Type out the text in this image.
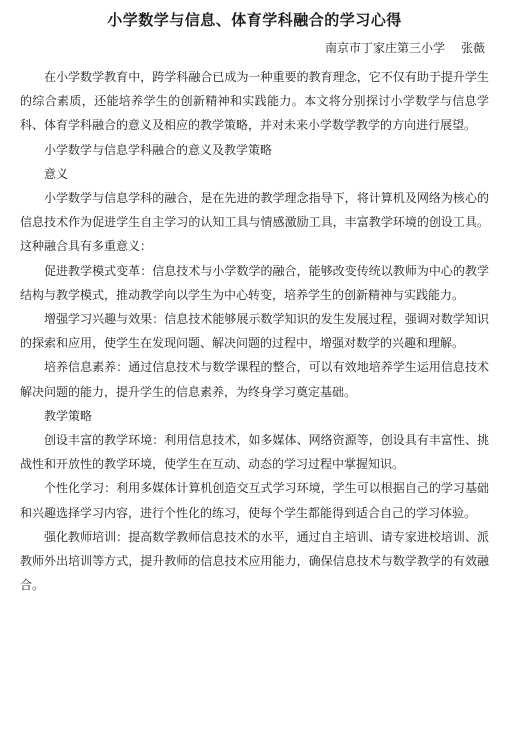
小学数学与信息、体育学科融合的学习心得
南京市丁家庄第三小学 张薇

在小学数学教育中，跨学科融合已成为一种重要的教育理念，它不仅有助于提升学生的综合素质，还能培养学生的创新精神和实践能力。本文将分别探讨小学数学与信息学科、体育学科融合的意义及相应的教学策略，并对未来小学数学教学的方向进行展望。

小学数学与信息学科融合的意义及教学策略

意义

小学数学与信息学科的融合，是在先进的教学理念指导下，将计算机及网络为核心的信息技术作为促进学生自主学习的认知工具与情感激励工具，丰富教学环境的创设工具。这种融合具有多重意义：

促进教学模式变革：信息技术与小学数学的融合，能够改变传统以教师为中心的教学结构与教学模式，推动教学向以学生为中心转变，培养学生的创新精神与实践能力。

增强学习兴趣与效果：信息技术能够展示数学知识的发生发展过程，强调对数学知识的探索和应用，使学生在发现问题、解决问题的过程中，增强对数学的兴趣和理解。

培养信息素养：通过信息技术与数学课程的整合，可以有效地培养学生运用信息技术解决问题的能力，提升学生的信息素养，为终身学习奠定基础。

教学策略

创设丰富的教学环境：利用信息技术，如多媒体、网络资源等，创设具有丰富性、挑战性和开放性的教学环境，使学生在互动、动态的学习过程中掌握知识。

个性化学习：利用多媒体计算机创造交互式学习环境，学生可以根据自己的学习基础和兴趣选择学习内容，进行个性化的练习，使每个学生都能得到适合自己的学习体验。

强化教师培训：提高数学教师信息技术的水平，通过自主培训、请专家进校培训、派教师外出培训等方式，提升教师的信息技术应用能力，确保信息技术与数学教学的有效融合。
